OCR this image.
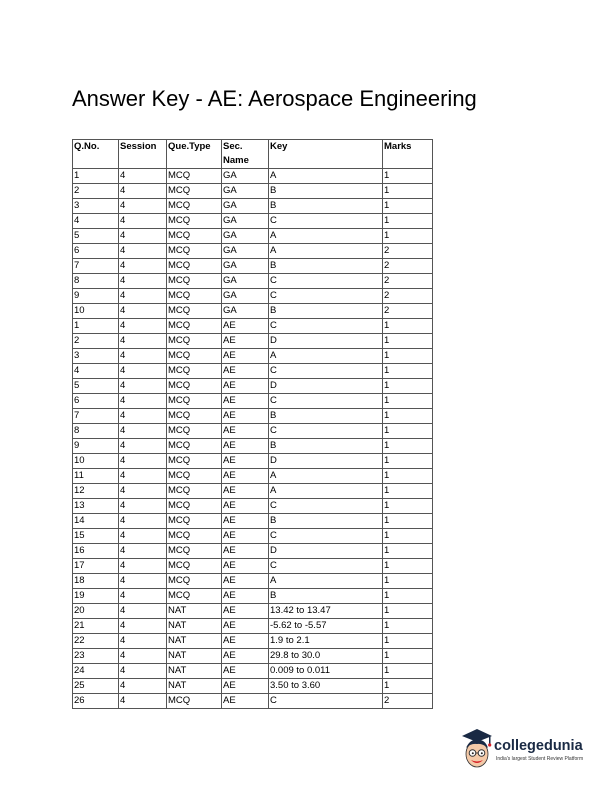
Answer Key - AE: Aerospace Engineering
Q.No.	Session	Que.Type	Sec. Name	Key	Marks
1	4	MCQ	GA	A	1
2	4	MCQ	GA	B	1
3	4	MCQ	GA	B	1
4	4	MCQ	GA	C	1
5	4	MCQ	GA	A	1
6	4	MCQ	GA	A	2
7	4	MCQ	GA	B	2
8	4	MCQ	GA	C	2
9	4	MCQ	GA	C	2
10	4	MCQ	GA	B	2
1	4	MCQ	AE	C	1
2	4	MCQ	AE	D	1
3	4	MCQ	AE	A	1
4	4	MCQ	AE	C	1
5	4	MCQ	AE	D	1
6	4	MCQ	AE	C	1
7	4	MCQ	AE	B	1
8	4	MCQ	AE	C	1
9	4	MCQ	AE	B	1
10	4	MCQ	AE	D	1
11	4	MCQ	AE	A	1
12	4	MCQ	AE	A	1
13	4	MCQ	AE	C	1
14	4	MCQ	AE	B	1
15	4	MCQ	AE	C	1
16	4	MCQ	AE	D	1
17	4	MCQ	AE	C	1
18	4	MCQ	AE	A	1
19	4	MCQ	AE	B	1
20	4	NAT	AE	13.42 to 13.47	1
21	4	NAT	AE	-5.62 to -5.57	1
22	4	NAT	AE	1.9 to 2.1	1
23	4	NAT	AE	29.8 to 30.0	1
24	4	NAT	AE	0.009 to 0.011	1
25	4	NAT	AE	3.50 to 3.60	1
26	4	MCQ	AE	C	2
collegedunia
India's largest Student Review Platform
